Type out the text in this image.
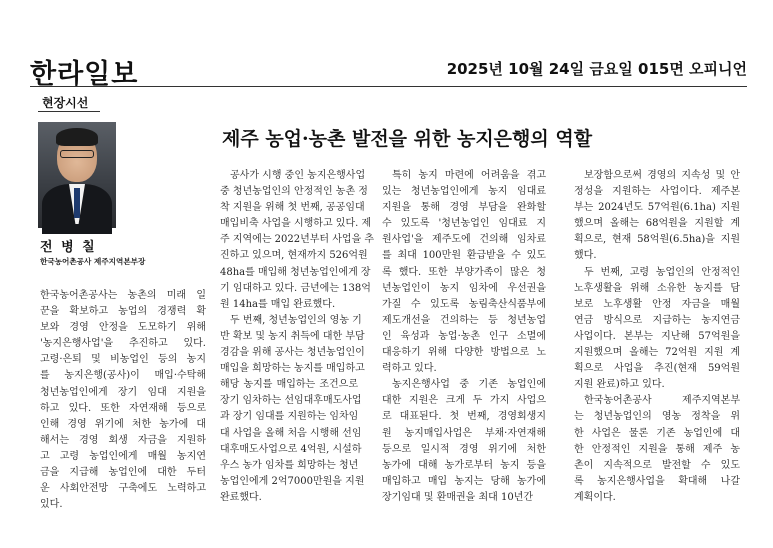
한라일보	2025년 10월 24일 금요일 015면 오피니언
현장시선
전 병 칠
한국농어촌공사 제주지역본부장
제주 농업·농촌 발전을 위한 농지은행의 역할
한국농어촌공사는 농촌의 미래 일
꾼을 확보하고 농업의 경쟁력 확
보와 경영 안정을 도모하기 위해
'농지은행사업'을 추진하고 있다.
고령·은퇴 및 비농업인 등의 농지
를 농지은행(공사)이 매입·수탁해
청년농업인에게 장기 임대 지원을
하고 있다. 또한 자연재해 등으로
인해 경영 위기에 처한 농가에 대
해서는 경영 회생 자금을 지원하
고 고령 농업인에게 매월 농지연
금을 지급해 농업인에 대한 두터
운 사회안전망 구축에도 노력하고
있다.
공사가 시행 중인 농지은행사업
중 청년농업인의 안정적인 농촌 정
착 지원을 위해 첫 번째, 공공임대
매입비축 사업을 시행하고 있다. 제
주 지역에는 2022년부터 사업을 추
진하고 있으며, 현재까지 526억원
48ha를 매입해 청년농업인에게 장
기 임대하고 있다. 금년에는 138억
원 14ha를 매입 완료했다.
두 번째, 청년농업인의 영농 기
반 확보 및 농지 취득에 대한 부담
경감을 위해 공사는 청년농업인이
매입을 희망하는 농지를 매입하고
해당 농지를 매입하는 조건으로
장기 임차하는 선임대후매도사업
과 장기 임대를 지원하는 임차임
대 사업을 올해 처음 시행해 선임
대후매도사업으로 4억원, 시설하
우스 농가 임차를 희망하는 청년
농업인에게 2억7000만원을 지원
완료했다.
특히 농지 마련에 어려움을 겪고
있는 청년농업인에게 농지 임대료
지원을 통해 경영 부담을 완화할
수 있도록 '청년농업인 임대료 지
원사업'을 제주도에 건의해 임차료
를 최대 100만원 환급받을 수 있도
록 했다. 또한 부양가족이 많은 청
년농업인이 농지 임차에 우선권을
가질 수 있도록 농림축산식품부에
제도개선을 건의하는 등 청년농업
인 육성과 농업·농촌 인구 소멸에
대응하기 위해 다양한 방법으로 노
력하고 있다.
농지은행사업 중 기존 농업인에
대한 지원은 크게 두 가지 사업으
로 대표된다. 첫 번째, 경영회생지
원 농지매입사업은 부채·자연재해
등으로 일시적 경영 위기에 처한
농가에 대해 농가로부터 농지 등을
매입하고 매입 농지는 당해 농가에
장기임대 및 환매권을 최대 10년간
보장함으로써 경영의 지속성 및 안
정성을 지원하는 사업이다. 제주본
부는 2024년도 57억원(6.1ha) 지원
했으며 올해는 68억원을 지원할 계
획으로, 현재 58억원(6.5ha)을 지원
했다.
두 번째, 고령 농업인의 안정적인
노후생활을 위해 소유한 농지를 담
보로 노후생활 안정 자금을 매월
연금 방식으로 지급하는 농지연금
사업이다. 본부는 지난해 57억원을
지원했으며 올해는 72억원 지원 계
획으로 사업을 추진(현재 59억원
지원 완료)하고 있다.
한국농어촌공사 제주지역본부
는 청년농업인의 영농 정착을 위
한 사업은 물론 기존 농업인에 대
한 안정적인 지원을 통해 제주 농
촌이 지속적으로 발전할 수 있도
록 농지은행사업을 확대해 나갈
계획이다.
